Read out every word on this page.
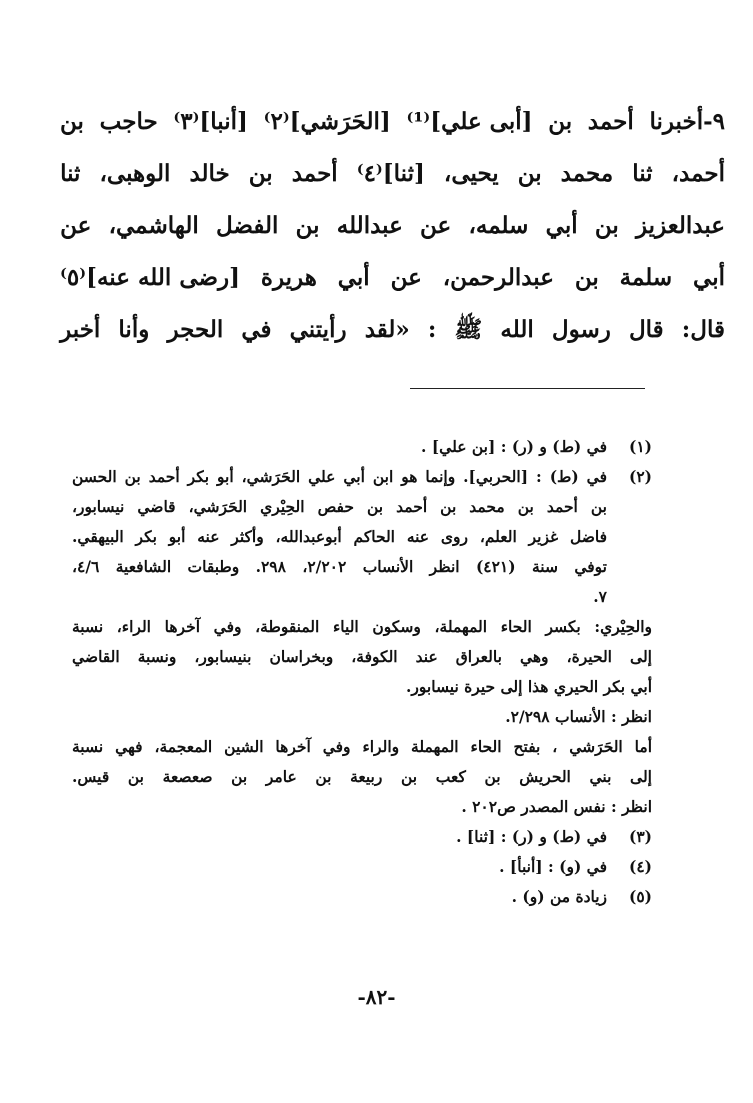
٩-
أخبرنا
أحمد
بن
[أبى علي]⁽¹⁾
[الحَرَشي]⁽٢⁾
[أنبا]⁽٣⁾
حاجب
بن
أحمد،
ثنا
محمد
بن
يحيى،
[ثنا]⁽٤⁾
أحمد
بن
خالد
الوهبى،
ثنا
عبدالعزيز
بن
أبي
سلمه،
عن
عبدالله
بن
الفضل
الهاشمي،
عن
أبي
سلمة
بن
عبدالرحمن،
عن
أبي
هريرة
[رضى الله عنه]⁽٥⁾
قال:
قال
رسول
الله
ﷺ
:
«لقد
رأيتني
في
الحجر
وأنا
أخبر
(١)
في (ط) و (ر) : [بن علي] .
(٢)
في (ط) : [الحربي]. وإنما هو ابن أبي علي الحَرَشي، أبو بكر أحمد بن الحسن
بن أحمد بن محمد بن أحمد بن حفص الحِيْري الحَرَشي، قاضي نيسابور،
فاضل غزير العلم، روى عنه الحاكم أبوعبدالله، وأكثر عنه أبو بكر البيهقي.
توفي سنة (٤٢١) انظر الأنساب ٢/٢٠٢، ٢٩٨. وطبقات الشافعية ٤/٦،
٧.
والحِيْري: بكسر الحاء المهملة، وسكون الياء المنقوطة، وفي آخرها الراء، نسبة
إلى الحيرة، وهي بالعراق عند الكوفة، وبخراسان بنيسابور، ونسبة القاضي
أبي بكر الحيري هذا إلى حيرة نيسابور.
انظر : الأنساب ٢/٢٩٨.
أما الحَرَشي ، بفتح الحاء المهملة والراء وفي آخرها الشين المعجمة، فهي نسبة
إلى بني الحريش بن كعب بن ربيعة بن عامر بن صعصعة بن قيس.
انظر : نفس المصدر ص٢٠٢ .
(٣)
في (ط) و (ر) : [ثنا] .
(٤)
في (و) : [أنبأ] .
(٥)
زيادة من (و) .
-٨٢-
